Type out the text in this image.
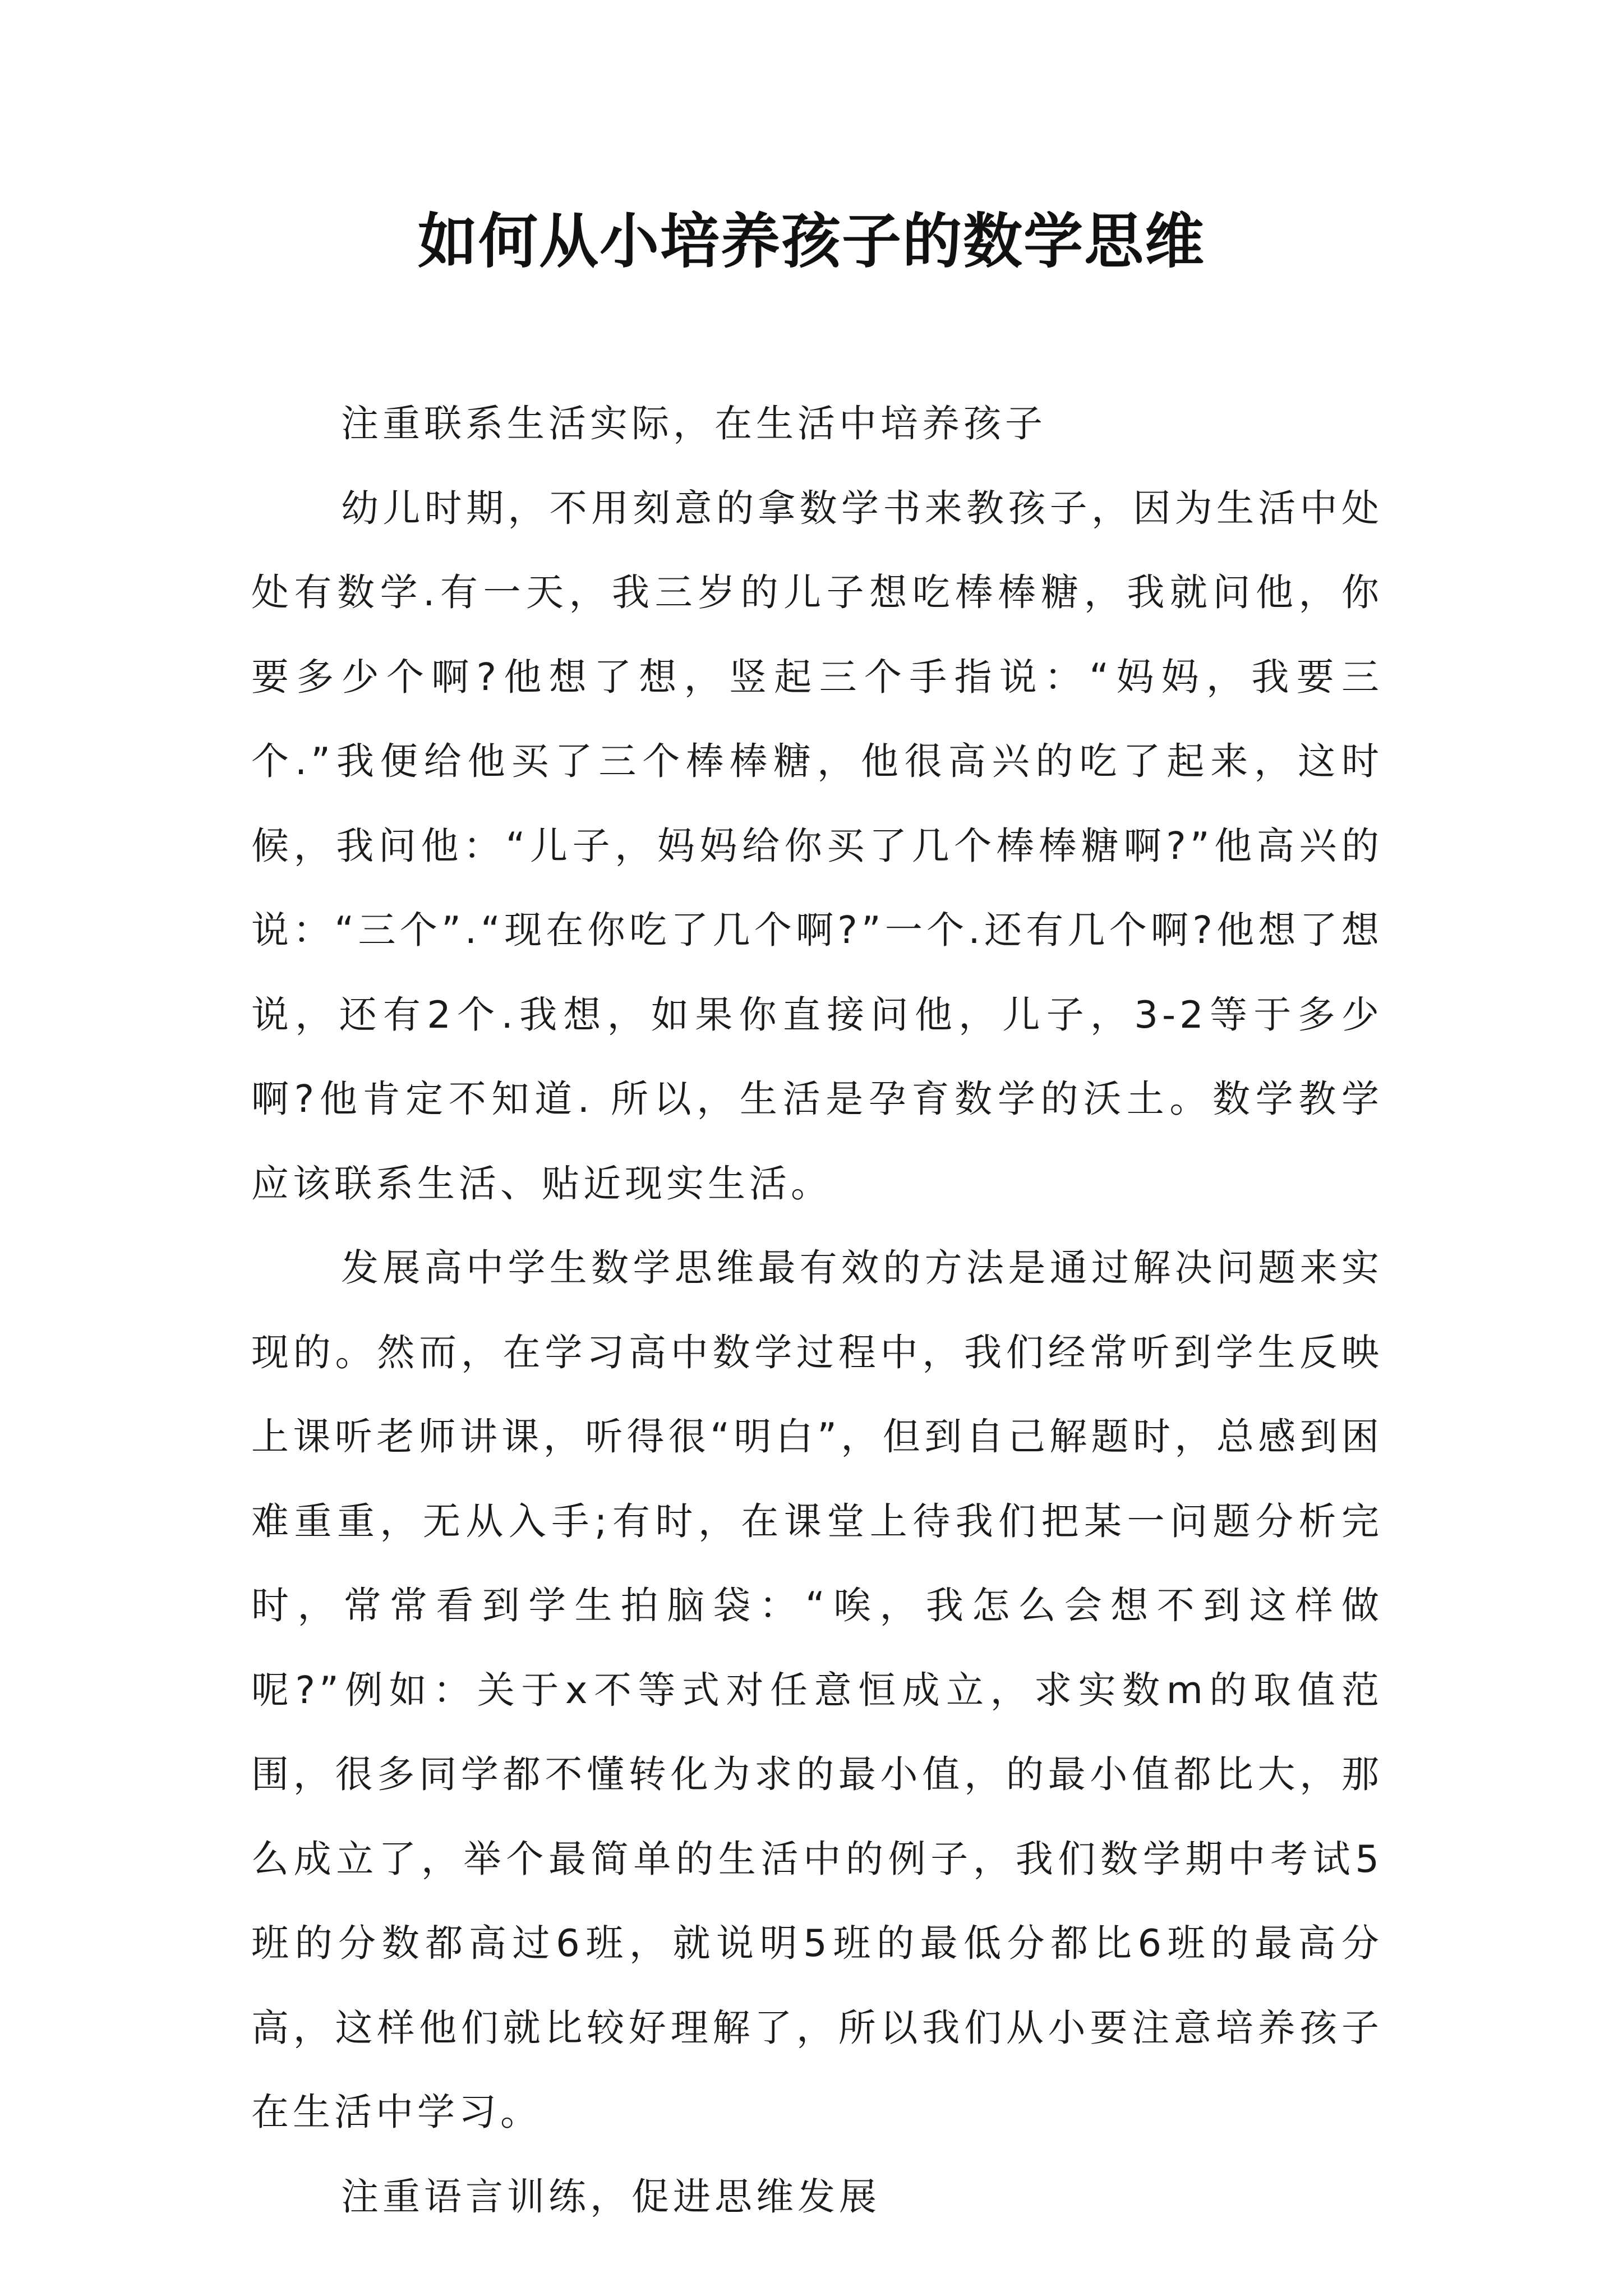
如何从小培养孩子的数学思维

注重联系生活实际，在生活中培养孩子

幼儿时期，不用刻意的拿数学书来教孩子，因为生活中处处有数学.有一天，我三岁的儿子想吃棒棒糖，我就问他，你要多少个啊?他想了想，竖起三个手指说：“妈妈，我要三个.”我便给他买了三个棒棒糖，他很高兴的吃了起来，这时候，我问他：“儿子，妈妈给你买了几个棒棒糖啊?”他高兴的说：“三个”.“现在你吃了几个啊?”一个.还有几个啊?他想了想说，还有2个.我想，如果你直接问他，儿子，3-2等于多少啊?他肯定不知道. 所以，生活是孕育数学的沃土。数学教学应该联系生活、贴近现实生活。

发展高中学生数学思维最有效的方法是通过解决问题来实现的。然而，在学习高中数学过程中，我们经常听到学生反映上课听老师讲课，听得很“明白”，但到自己解题时，总感到困难重重，无从入手;有时，在课堂上待我们把某一问题分析完时，常常看到学生拍脑袋：“唉，我怎么会想不到这样做呢?”例如：关于x不等式对任意恒成立，求实数m的取值范围，很多同学都不懂转化为求的最小值，的最小值都比大，那么成立了，举个最简单的生活中的例子，我们数学期中考试5班的分数都高过6班，就说明5班的最低分都比6班的最高分高，这样他们就比较好理解了，所以我们从小要注意培养孩子在生活中学习。

注重语言训练，促进思维发展
